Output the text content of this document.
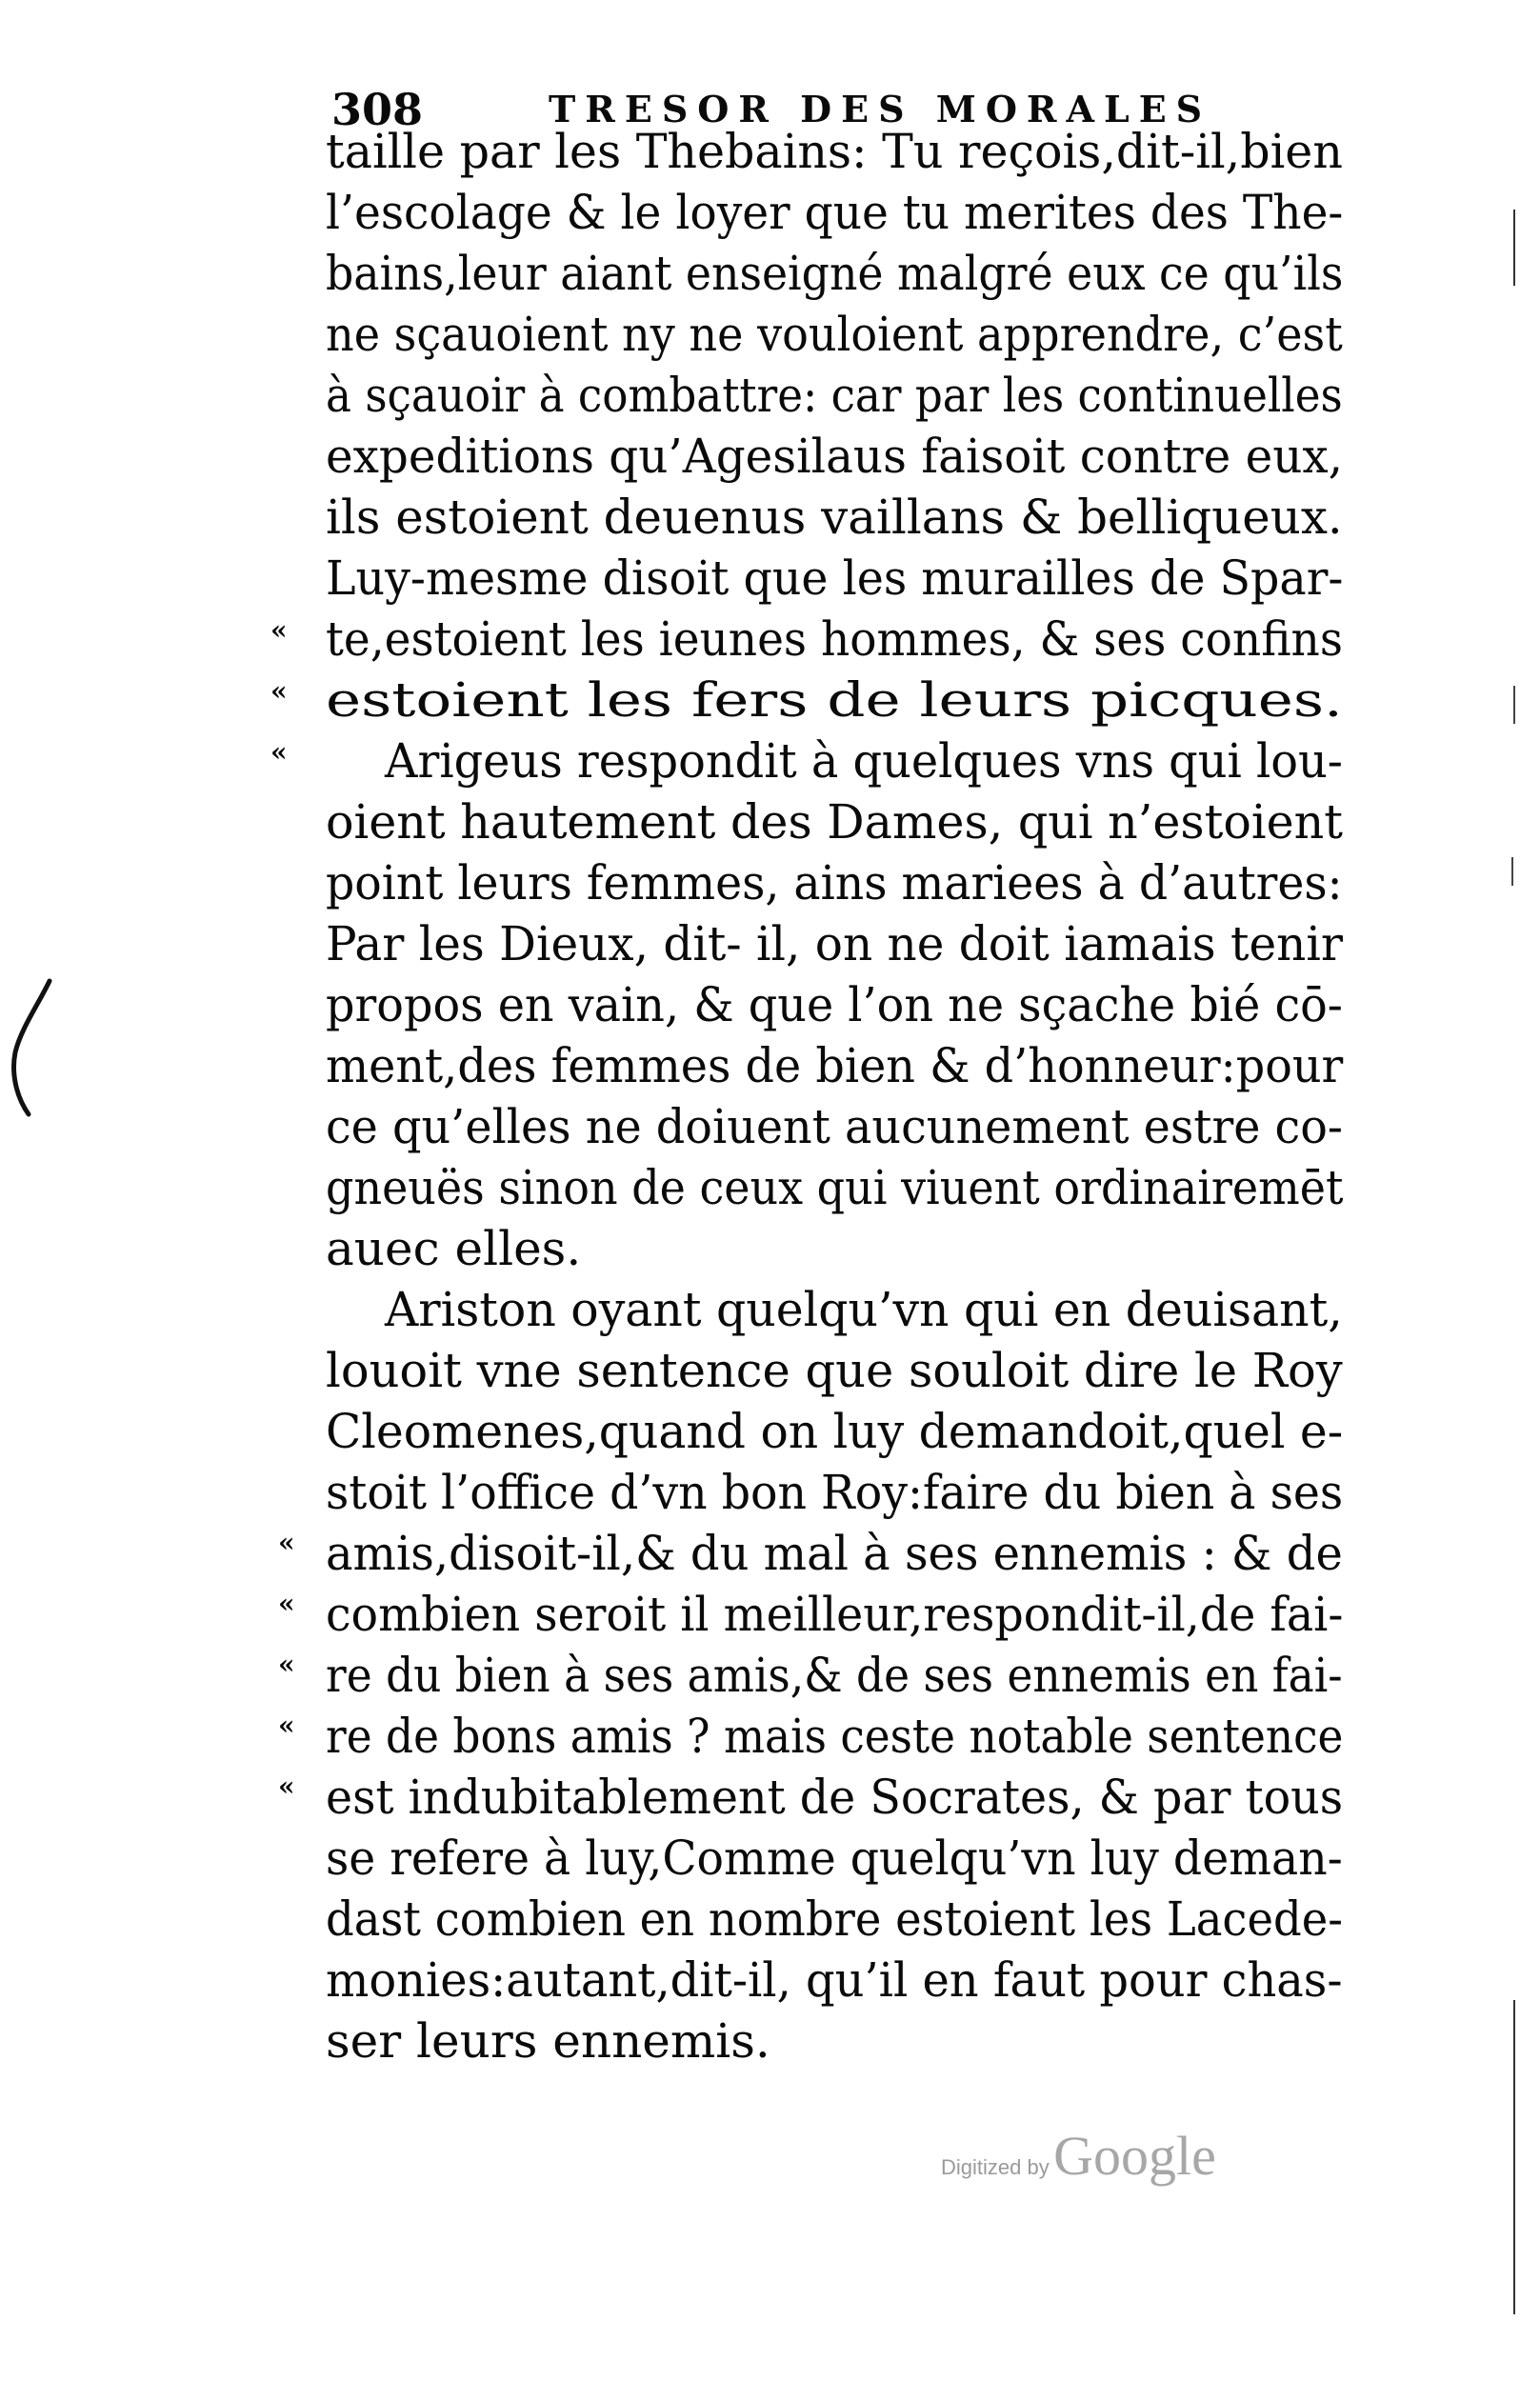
308	TRESOR DES MORALES
taille par les Thebains: Tu reçois,dit-il,bien
l’escolage & le loyer que tu merites des The-
bains,leur aiant enseigné malgré eux ce qu’ils
ne sçauoient ny ne vouloient apprendre, c’est
à sçauoir à combattre: car par les continuelles
expeditions qu’Agesilaus faisoit contre eux,
ils estoient deuenus vaillans & belliqueux.
Luy-mesme disoit que les murailles de Spar-
te,estoient les ieunes hommes, & ses confins
estoient les fers de leurs picques.
Arigeus respondit à quelques vns qui lou-
oient hautement des Dames, qui n’estoient
point leurs femmes, ains mariees à d’autres:
Par les Dieux, dit- il, on ne doit iamais tenir
propos en vain, & que l’on ne sçache bié cō-
ment,des femmes de bien & d’honneur:pour
ce qu’elles ne doiuent aucunement estre co-
gneuës sinon de ceux qui viuent ordinairemēt
auec elles.
Ariston oyant quelqu’vn qui en deuisant,
louoit vne sentence que souloit dire le Roy
Cleomenes,quand on luy demandoit,quel e-
stoit l’office d’vn bon Roy:faire du bien à ses
amis,disoit-il,& du mal à ses ennemis : & de
combien seroit il meilleur,respondit-il,de fai-
re du bien à ses amis,& de ses ennemis en fai-
re de bons amis ? mais ceste notable sentence
est indubitablement de Socrates, & par tous
se refere à luy,Comme quelqu’vn luy deman-
dast combien en nombre estoient les Lacede-
monies:autant,dit-il, qu’il en faut pour chas-
ser leurs ennemis.
«
«
«
«
«
«
«
«
Digitized by Google
